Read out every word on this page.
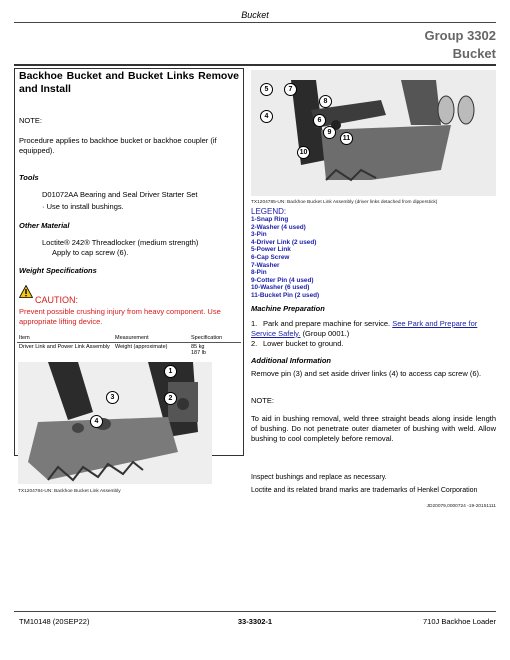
Bucket
Group 3302
Bucket
Backhoe Bucket and Bucket Links Remove and Install
NOTE:
Procedure applies to backhoe bucket or backhoe coupler (if equipped).
Tools
D01072AA Bearing and Seal Driver Starter Set
· Use to install bushings.
Other Material
Loctite® 242® Threadlocker (medium strength)
Apply to cap screw (6).
Weight Specifications
CAUTION:
Prevent possible crushing injury from heavy component. Use appropriate lifting device.
Item	Measurement	Specification
Driver Link and Power Link Assembly	Weight (approximate)	85 kg
187 lb
1
2
3
4
TX1204784-UN: Backhoe Bucket Link Assembly
5	7
8
4
6
9
11
10
TX1204785-UN: Backhoe Bucket Link Assembly (driver links detached from dipperstick)
LEGEND:
1-Snap Ring
2-Washer (4 used)
3-Pin
4-Driver Link (2 used)
5-Power Link
6-Cap Screw
7-Washer
8-Pin
9-Cotter Pin (4 used)
10-Washer (6 used)
11-Bucket Pin (2 used)
Machine Preparation
1. Park and prepare machine for service. See Park and Prepare for Service Safely. (Group 0001.)
2. Lower bucket to ground.
Additional Information
Remove pin (3) and set aside driver links (4) to access cap screw (6).
NOTE:
To aid in bushing removal, weld three straight beads along inside length of bushing. Do not penetrate outer diameter of bushing with weld. Allow bushing to cool completely before removal.
Inspect bushings and replace as necessary.
Loctite and its related brand marks are trademarks of Henkel Corporation
JD20079,0000724 -19-20151111
TM10148 (20SEP22)	33-3302-1	710J Backhoe Loader
